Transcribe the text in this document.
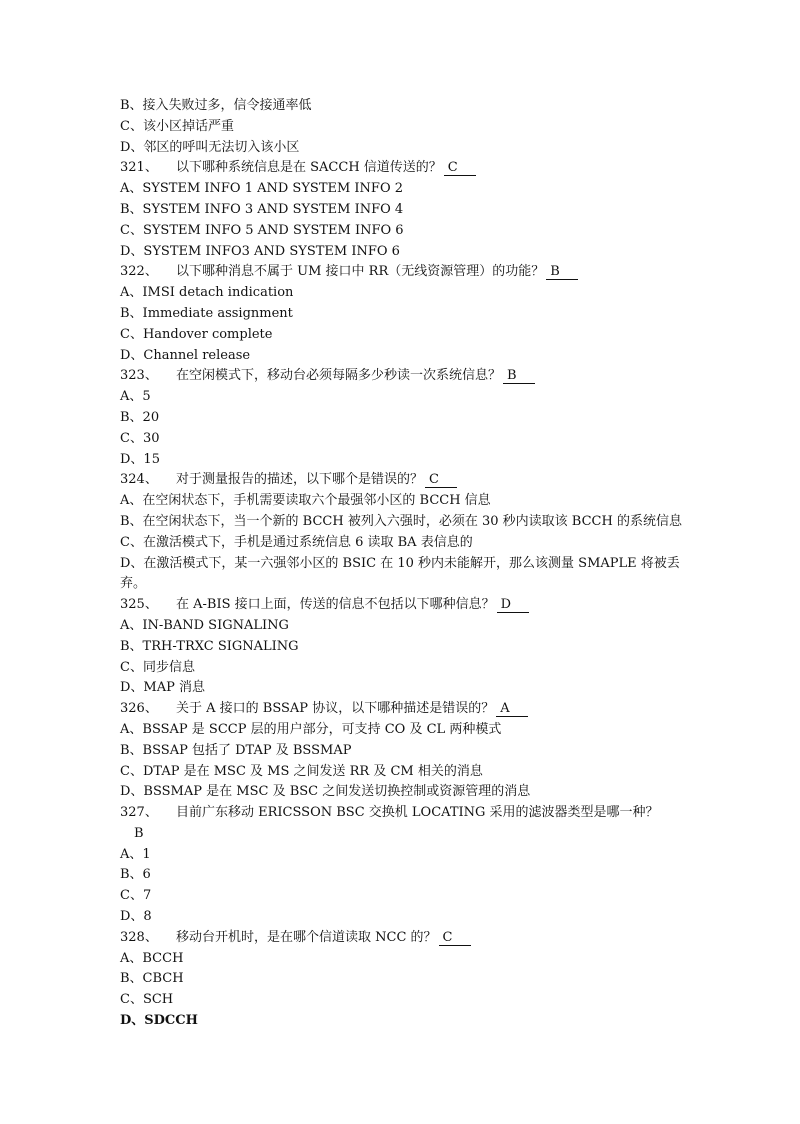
B、接入失败过多，信令接通率低

C、该小区掉话严重

D、邻区的呼叫无法切入该小区

321、 以下哪种系统信息是在 SACCH 信道传送的？ C

A、SYSTEM INFO 1 AND SYSTEM INFO 2

B、SYSTEM INFO 3 AND SYSTEM INFO 4

C、SYSTEM INFO 5 AND SYSTEM INFO 6

D、SYSTEM INFO3 AND SYSTEM INFO 6

322、 以下哪种消息不属于 UM 接口中 RR（无线资源管理）的功能？ B

A、IMSI detach indication

B、Immediate assignment

C、Handover complete

D、Channel release

323、 在空闲模式下，移动台必须每隔多少秒读一次系统信息？ B

A、5

B、20

C、30

D、15

324、 对于测量报告的描述，以下哪个是错误的？ C

A、在空闲状态下，手机需要读取六个最强邻小区的 BCCH 信息

B、在空闲状态下，当一个新的 BCCH 被列入六强时，必须在 30 秒内读取该 BCCH 的系统信息

C、在激活模式下，手机是通过系统信息 6 读取 BA 表信息的

D、在激活模式下，某一六强邻小区的 BSIC 在 10 秒内未能解开，那么该测量 SMAPLE 将被丢弃。

325、 在 A-BIS 接口上面，传送的信息不包括以下哪种信息？ D

A、IN-BAND SIGNALING

B、TRH-TRXC SIGNALING

C、同步信息

D、MAP 消息

326、 关于 A 接口的 BSSAP 协议，以下哪种描述是错误的？ A

A、BSSAP 是 SCCP 层的用户部分，可支持 CO 及 CL 两种模式

B、BSSAP 包括了 DTAP 及 BSSMAP

C、DTAP 是在 MSC 及 MS 之间发送 RR 及 CM 相关的消息

D、BSSMAP 是在 MSC 及 BSC 之间发送切换控制或资源管理的消息

327、 目前广东移动 ERICSSON BSC 交换机 LOCATING 采用的滤波器类型是哪一种？B

A、1

B、6

C、7

D、8

328、 移动台开机时，是在哪个信道读取 NCC 的？ C

A、BCCH

B、CBCH

C、SCH

D、SDCCH
